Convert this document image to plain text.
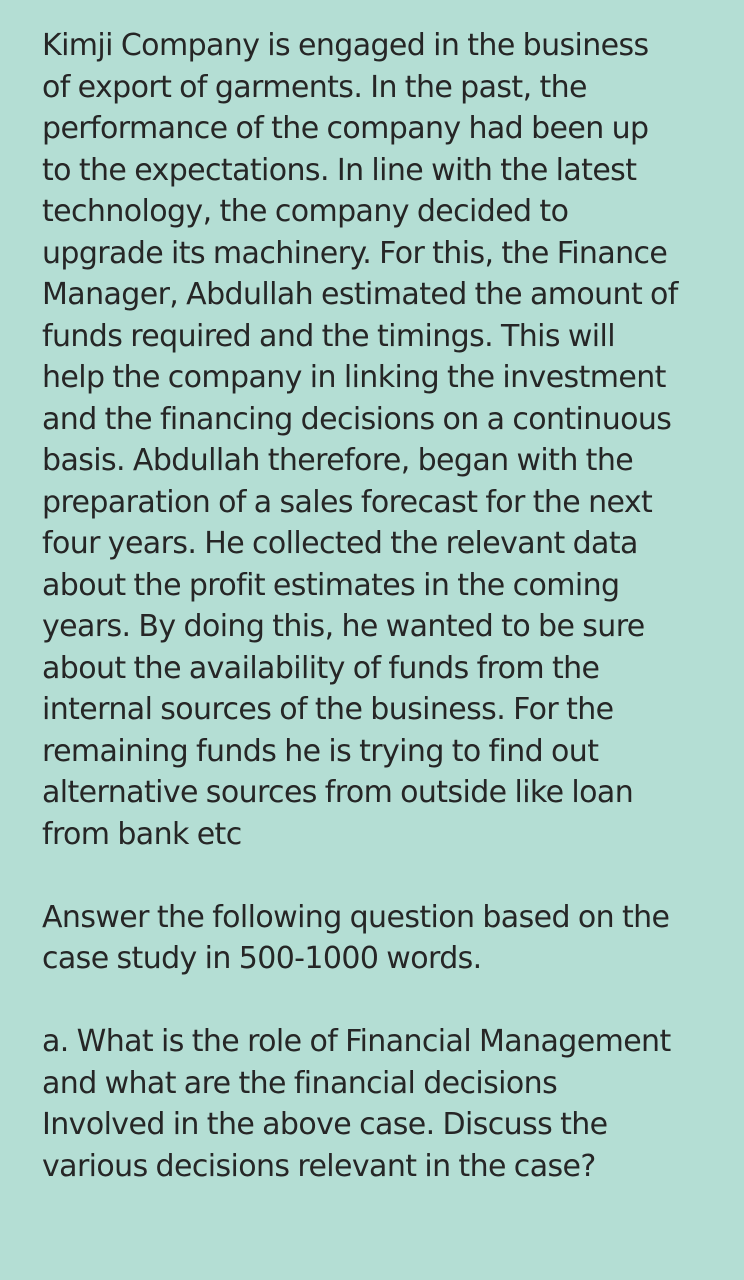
Kimji Company is engaged in the business
of export of garments. In the past, the
performance of the company had been up
to the expectations. In line with the latest
technology, the company decided to
upgrade its machinery. For this, the Finance
Manager, Abdullah estimated the amount of
funds required and the timings. This will
help the company in linking the investment
and the financing decisions on a continuous
basis. Abdullah therefore, began with the
preparation of a sales forecast for the next
four years. He collected the relevant data
about the profit estimates in the coming
years. By doing this, he wanted to be sure
about the availability of funds from the
internal sources of the business. For the
remaining funds he is trying to find out
alternative sources from outside like loan
from bank etc
Answer the following question based on the
case study in 500-1000 words.
a. What is the role of Financial Management
and what are the financial decisions
Involved in the above case. Discuss the
various decisions relevant in the case?
